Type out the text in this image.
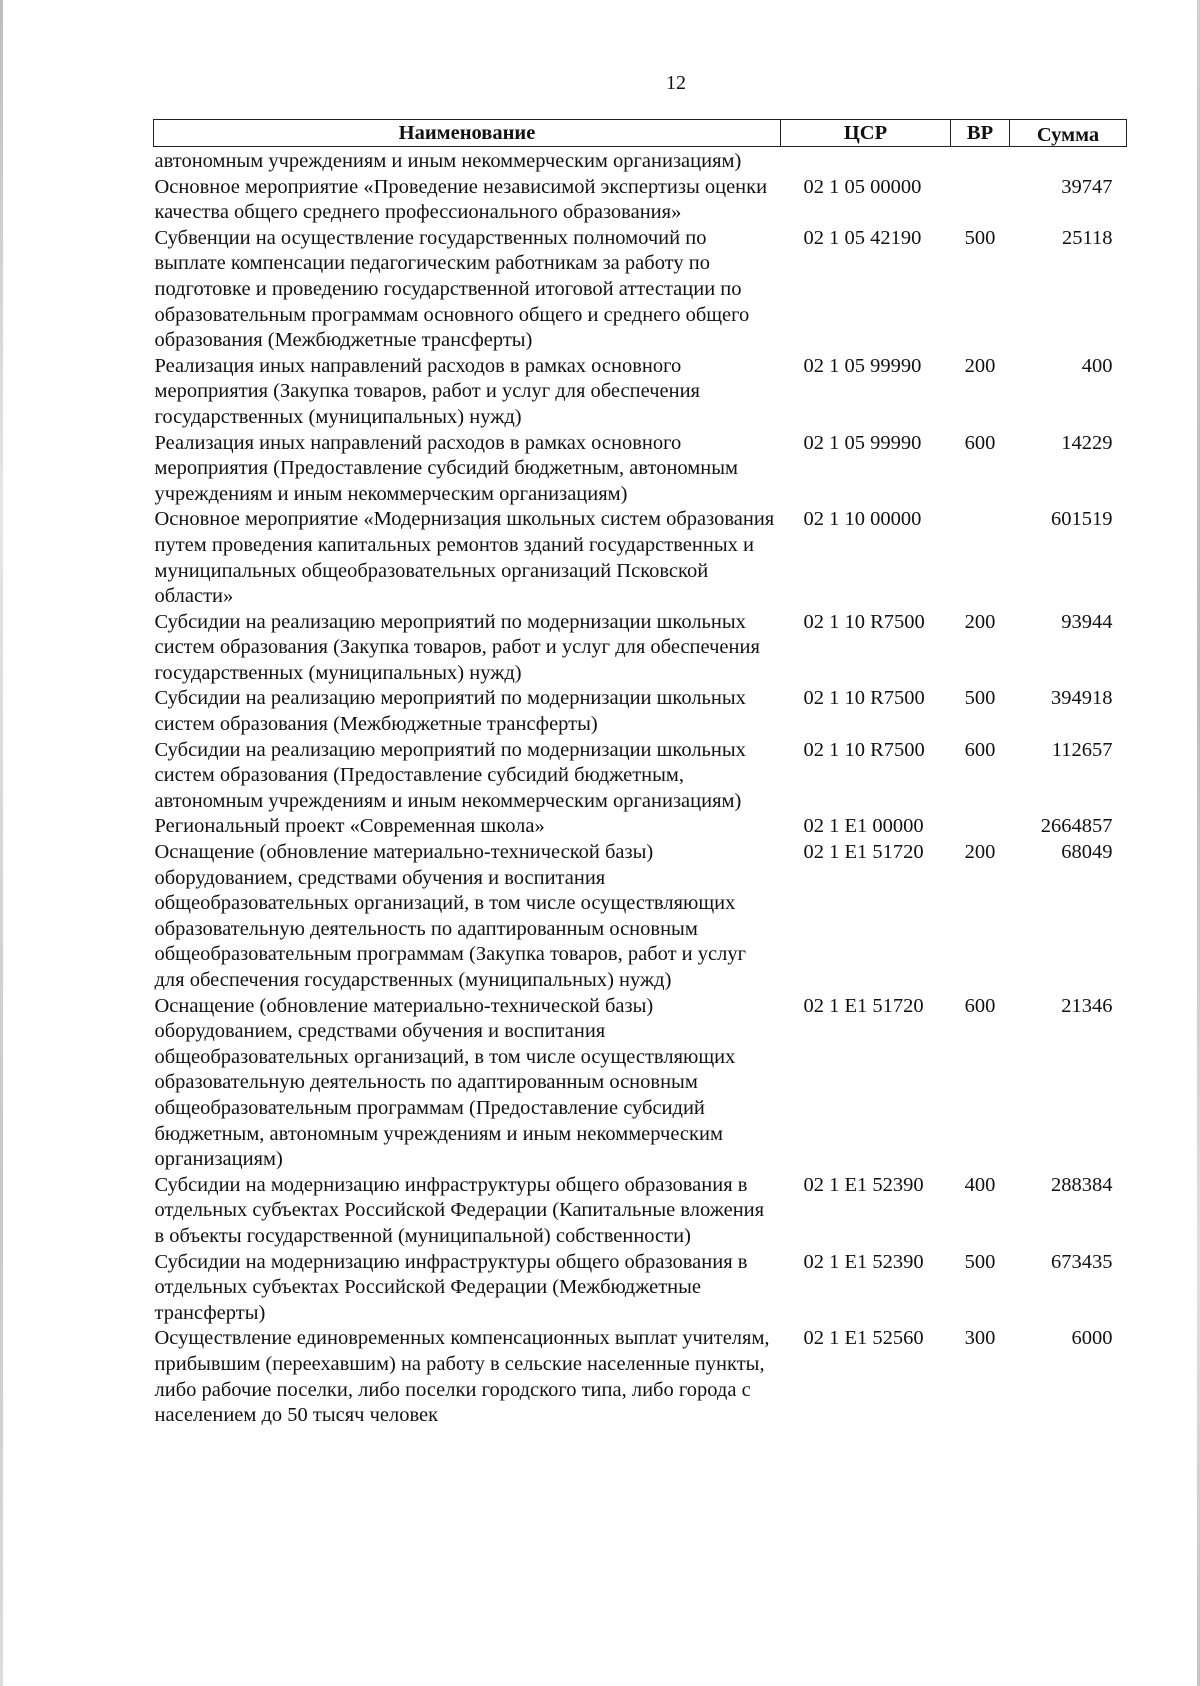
12
Наименование	ЦСР	ВР	Сумма
автономным учреждениям и иным некоммерческим организациям)			
Основное мероприятие «Проведение независимой экспертизы оценки качества общего среднего профессионального образования»	02 1 05 00000		39747
Субвенции на осуществление государственных полномочий по выплате компенсации педагогическим работникам за работу по подготовке и проведению государственной итоговой аттестации по образовательным программам основного общего и среднего общего образования (Межбюджетные трансферты)	02 1 05 42190	500	25118
Реализация иных направлений расходов в рамках основного мероприятия (Закупка товаров, работ и услуг для обеспечения государственных (муниципальных) нужд)	02 1 05 99990	200	400
Реализация иных направлений расходов в рамках основного мероприятия (Предоставление субсидий бюджетным, автономным учреждениям и иным некоммерческим организациям)	02 1 05 99990	600	14229
Основное мероприятие «Модернизация школьных систем образования путем проведения капитальных ремонтов зданий государственных и муниципальных общеобразовательных организаций Псковской области»	02 1 10 00000		601519
Субсидии на реализацию мероприятий по модернизации школьных систем образования (Закупка товаров, работ и услуг для обеспечения государственных (муниципальных) нужд)	02 1 10 R7500	200	93944
Субсидии на реализацию мероприятий по модернизации школьных систем образования (Межбюджетные трансферты)	02 1 10 R7500	500	394918
Субсидии на реализацию мероприятий по модернизации школьных систем образования (Предоставление субсидий бюджетным, автономным учреждениям и иным некоммерческим организациям)	02 1 10 R7500	600	112657
Региональный проект «Современная школа»	02 1 Е1 00000		2664857
Оснащение (обновление материально-технической базы) оборудованием, средствами обучения и воспитания общеобразовательных организаций, в том числе осуществляющих образовательную деятельность по адаптированным основным общеобразовательным программам (Закупка товаров, работ и услуг для обеспечения государственных (муниципальных) нужд)	02 1 Е1 51720	200	68049
Оснащение (обновление материально-технической базы) оборудованием, средствами обучения и воспитания общеобразовательных организаций, в том числе осуществляющих образовательную деятельность по адаптированным основным общеобразовательным программам (Предоставление субсидий бюджетным, автономным учреждениям и иным некоммерческим организациям)	02 1 Е1 51720	600	21346
Субсидии на модернизацию инфраструктуры общего образования в отдельных субъектах Российской Федерации (Капитальные вложения в объекты государственной (муниципальной) собственности)	02 1 Е1 52390	400	288384
Субсидии на модернизацию инфраструктуры общего образования в отдельных субъектах Российской Федерации (Межбюджетные трансферты)	02 1 Е1 52390	500	673435
Осуществление единовременных компенсационных выплат учителям, прибывшим (переехавшим) на работу в сельские населенные пункты, либо рабочие поселки, либо поселки городского типа, либо города с населением до 50 тысяч человек	02 1 Е1 52560	300	6000
